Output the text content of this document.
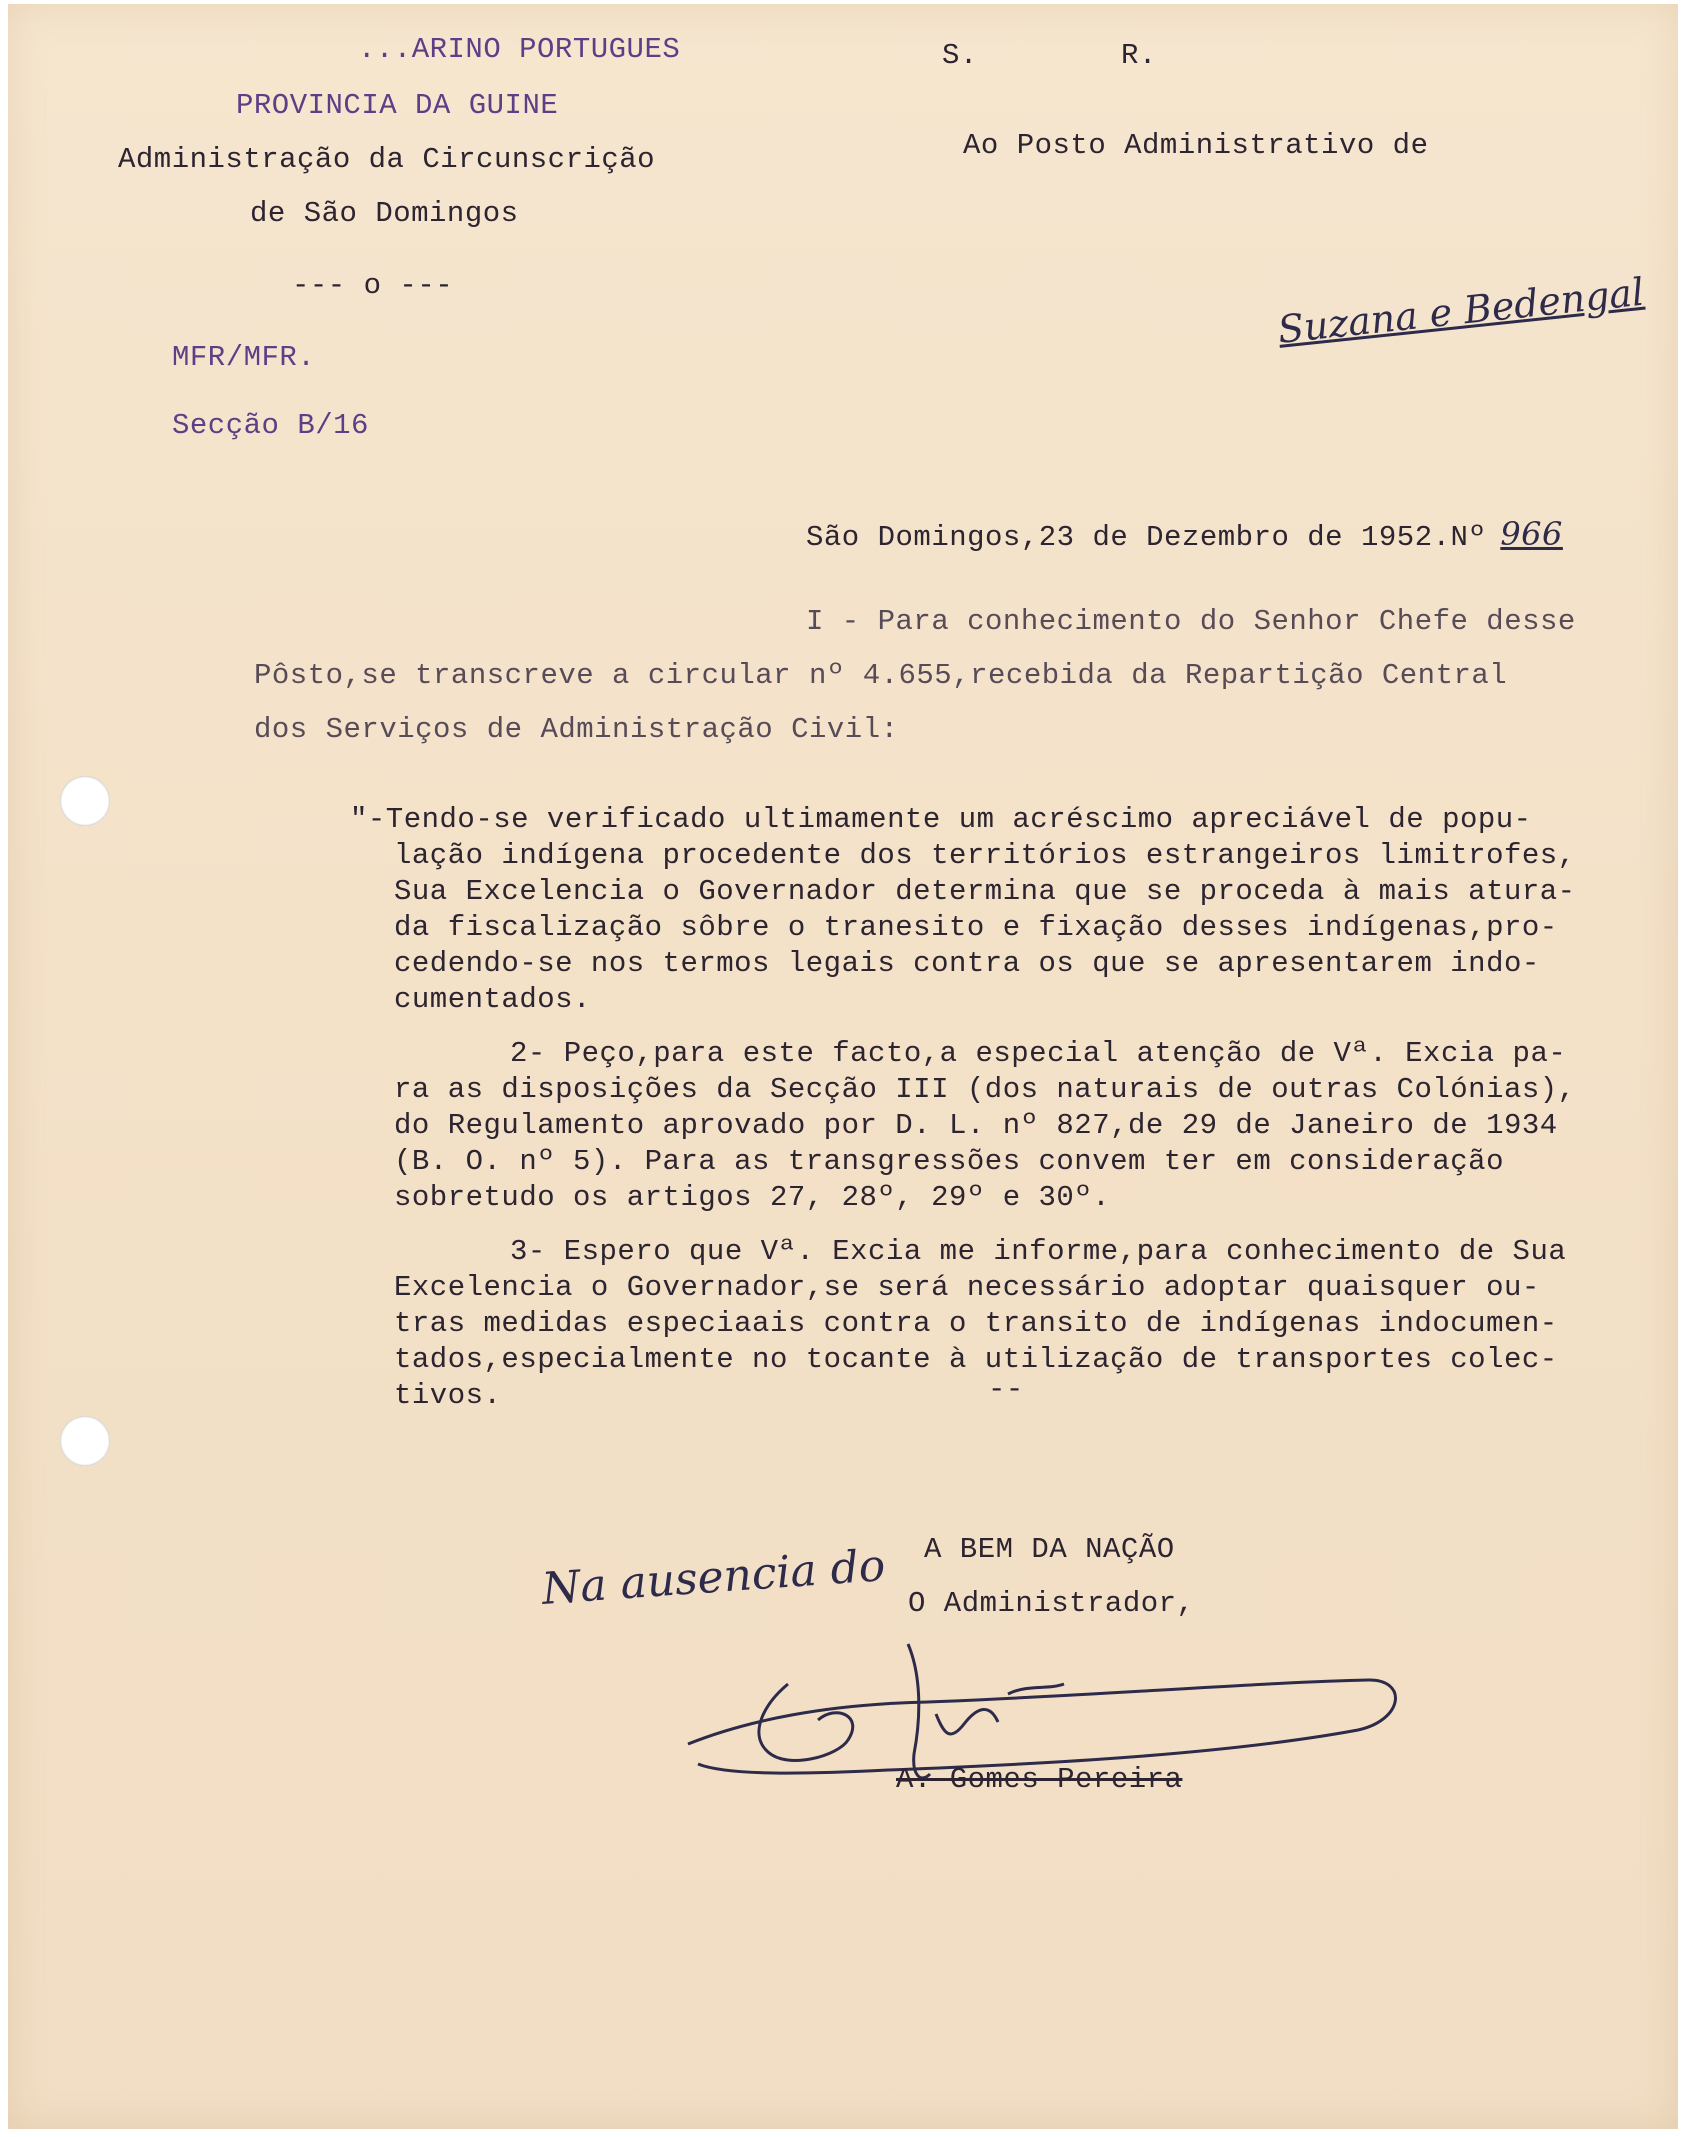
...ARINO PORTUGUES
PROVINCIA DA GUINE
Administração da Circunscrição
de São Domingos
--- o ---
MFR/MFR.
Secção B/16
S.        R.
Ao Posto Administrativo de
Suzana e Bedengal
São Domingos,23 de Dezembro de 1952.Nº 966
I - Para conhecimento do Senhor Chefe desse
Pôsto,se transcreve a circular nº 4.655,recebida da Repartição Central
dos Serviços de Administração Civil:
"-Tendo-se verificado ultimamente um acréscimo apreciável de popu-
lação indígena procedente dos territórios estrangeiros limitrofes,
Sua Excelencia o Governador determina que se proceda à mais atura-
da fiscalização sôbre o tranesito e fixação desses indígenas,pro-
cedendo-se nos termos legais contra os que se apresentarem indo-
cumentados.
2- Peço,para este facto,a especial atenção de Vª. Excia pa-
ra as disposições da Secção III (dos naturais de outras Colónias),
do Regulamento aprovado por D. L. nº 827,de 29 de Janeiro de 1934
(B. O. nº 5). Para as transgressões convem ter em consideração
sobretudo os artigos 27, 28º, 29º e 30º.
3- Espero que Vª. Excia me informe,para conhecimento de Sua
Excelencia o Governador,se será necessário adoptar quaisquer ou-
tras medidas especiaais contra o transito de indígenas indocumen-
tados,especialmente no tocante à utilização de transportes colec-
tivos.	--
A BEM DA NAÇÃO
Na ausencia do O Administrador,
A. Gomes Pereira
